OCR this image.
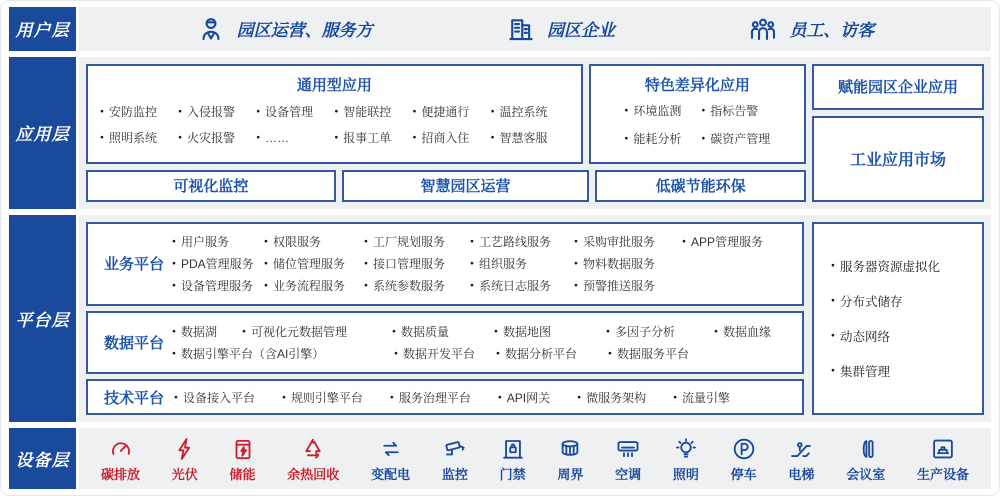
用户层	园区运营、服务方	园区企业	员工、访客
应用层
通用型应用
● 安防监控	● 入侵报警	● 设备管理	● 智能联控	● 便捷通行	● 温控系统
● 照明系统	● 火灾报警	● ……	● 报事工单	● 招商入住	● 智慧客服
特色差异化应用
● 环境监测	● 指标告警
● 能耗分析	● 碳资产管理
可视化监控	智慧园区运营	低碳节能环保
赋能园区企业应用
工业应用市场
平台层
业务平台
● 用户服务	● 权限服务	● 工厂规划服务	● 工艺路线服务	● 采购审批服务	● APP管理服务
● PDA管理服务	● 储位管理服务	● 接口管理服务	● 组织服务	● 物料数据服务
● 设备管理服务	● 业务流程服务	● 系统参数服务	● 系统日志服务	● 预警推送服务
数据平台
● 数据湖	● 可视化元数据管理	● 数据质量	● 数据地图	● 多因子分析	● 数据血缘
● 数据引擎平台（含AI引擎）	● 数据开发平台	● 数据分析平台	● 数据服务平台
技术平台	● 设备接入平台	● 规则引擎平台	● 服务治理平台	● API网关	● 微服务架构	● 流量引擎
● 服务器资源虚拟化
● 分布式储存
● 动态网络
● 集群管理
设备层
碳排放 光伏 储能 余热回收 变配电 监控 门禁 周界 空调 照明 停车 电梯 会议室 生产设备
